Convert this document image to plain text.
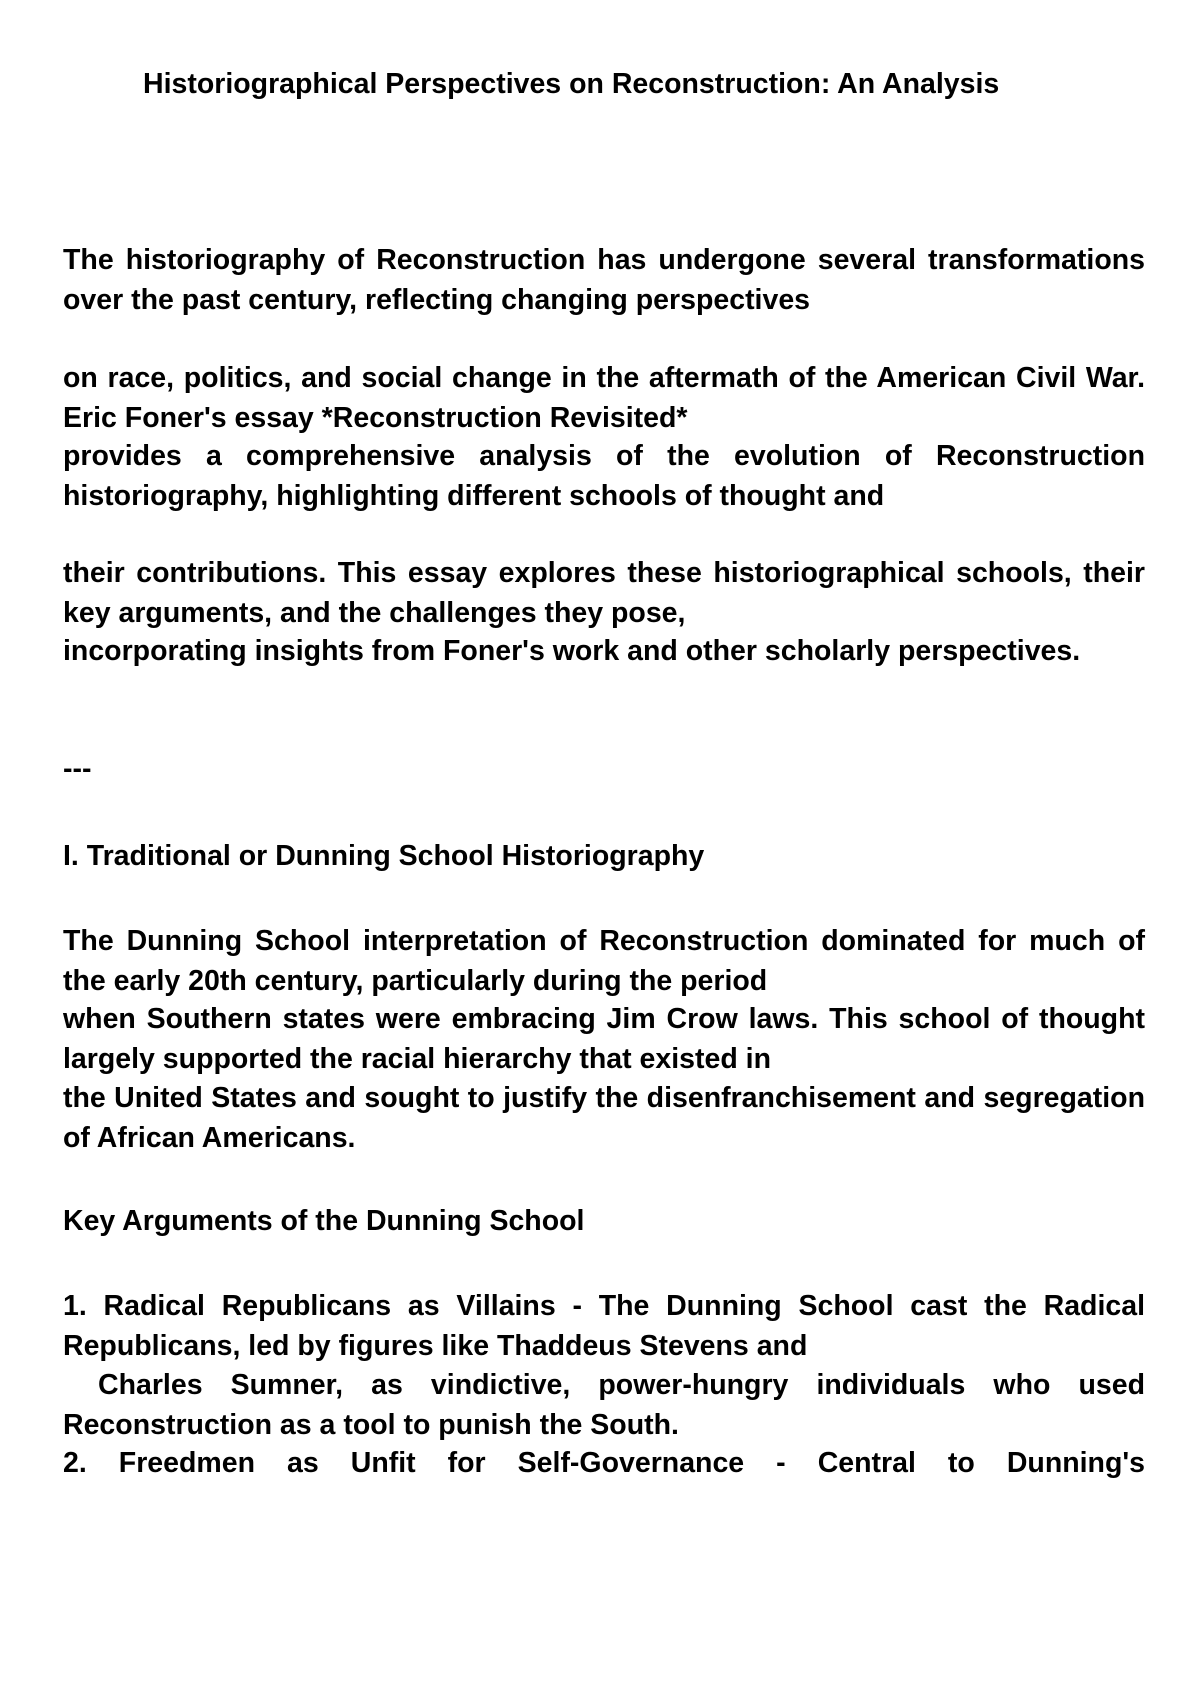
Historiographical Perspectives on Reconstruction: An Analysis

The historiography of Reconstruction has undergone several transformations over the past century, reflecting changing perspectives

on race, politics, and social change in the aftermath of the American Civil War. Eric Foner's essay *Reconstruction Revisited*

provides a comprehensive analysis of the evolution of Reconstruction historiography, highlighting different schools of thought and

their contributions. This essay explores these historiographical schools, their key arguments, and the challenges they pose,

incorporating insights from Foner's work and other scholarly perspectives.

---

I. Traditional or Dunning School Historiography

The Dunning School interpretation of Reconstruction dominated for much of the early 20th century, particularly during the period

when Southern states were embracing Jim Crow laws. This school of thought largely supported the racial hierarchy that existed in

the United States and sought to justify the disenfranchisement and segregation of African Americans.

Key Arguments of the Dunning School

1. Radical Republicans as Villains - The Dunning School cast the Radical Republicans, led by figures like Thaddeus Stevens and

Charles Sumner, as vindictive, power-hungry individuals who used Reconstruction as a tool to punish the South.

2. Freedmen as Unfit for Self-Governance - Central to Dunning's
